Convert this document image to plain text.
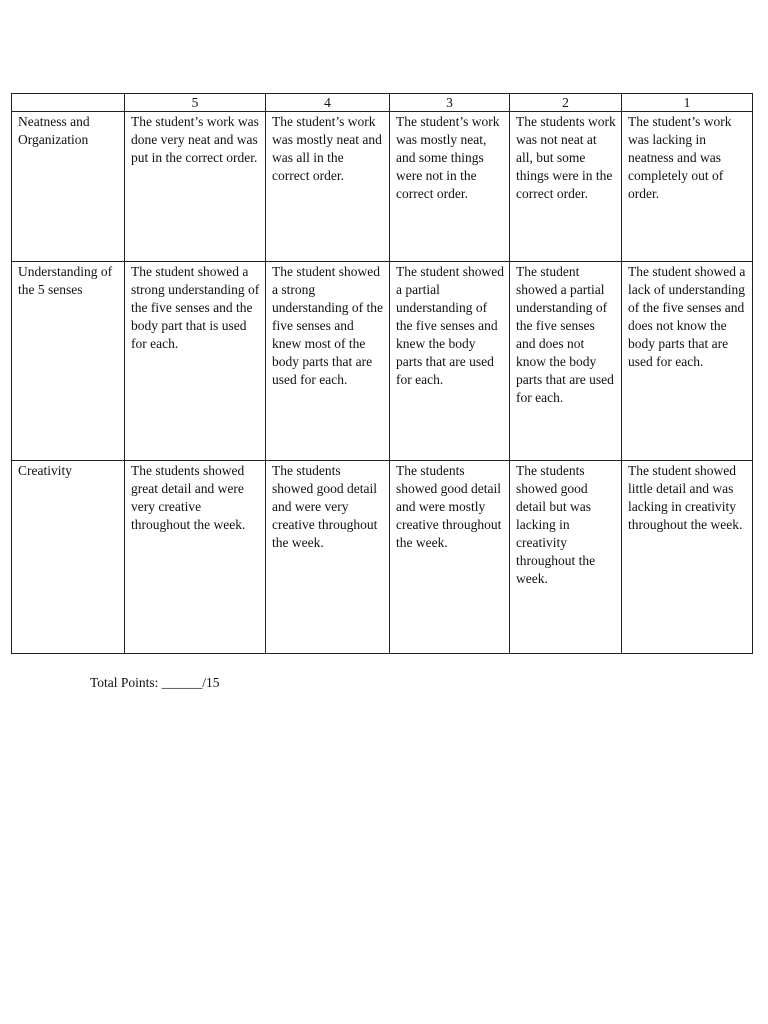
	5	4	3	2	1
Neatness and Organization	The student’s work was done very neat and was put in the correct order.	The student’s work was mostly neat and was all in the correct order.	The student’s work was mostly neat, and some things were not in the correct order.	The students work was not neat at all, but some things were in the correct order.	The student’s work was lacking in neatness and was completely out of order.
Understanding of the 5 senses	The student showed a strong understanding of the five senses and the body part that is used for each.	The student showed a strong understanding of the five senses and knew most of the body parts that are used for each.	The student showed a partial understanding of the five senses and knew the body parts that are used for each.	The student showed a partial understanding of the five senses and does not know the body parts that are used for each.	The student showed a lack of understanding of the five senses and does not know the body parts that are used for each.
Creativity	The students showed great detail and were very creative throughout the week.	The students showed good detail and were very creative throughout the week.	The students showed good detail and were mostly creative throughout the week.	The students showed good detail but was lacking in creativity throughout the week.	The student showed little detail and was lacking in creativity throughout the week.
Total Points: ______/15
